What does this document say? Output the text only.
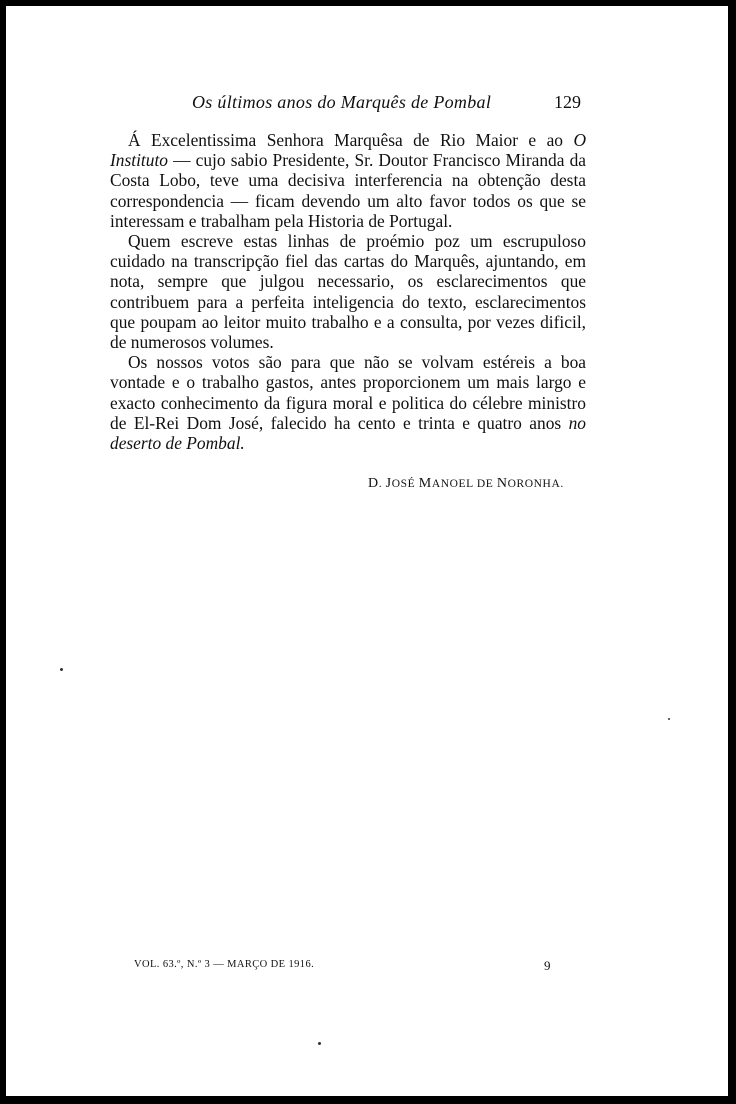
Os últimos anos do Marquês de Pombal	129

Á Excelentissima Senhora Marquêsa de Rio Maior e ao O Instituto — cujo sabio Presidente, Sr. Doutor Francisco Miranda da Costa Lobo, teve uma decisiva interferencia na obtenção desta correspondencia — ficam devendo um alto favor todos os que se interessam e trabalham pela Historia de Portugal.

Quem escreve estas linhas de proémio poz um escrupuloso cuidado na transcripção fiel das cartas do Marquês, ajuntando, em nota, sempre que julgou necessario, os esclarecimentos que contribuem para a perfeita inteligencia do texto, esclarecimentos que poupam ao leitor muito trabalho e a consulta, por vezes dificil, de numerosos volumes.

Os nossos votos são para que não se volvam estéreis a boa vontade e o trabalho gastos, antes proporcionem um mais largo e exacto conhecimento da figura moral e politica do célebre ministro de El-Rei Dom José, falecido ha cento e trinta e quatro anos no deserto de Pombal.

D. JOSÉ MANOEL DE NORONHA.
VOL. 63.º, N.º 3 — MARÇO DE 1916.	9
